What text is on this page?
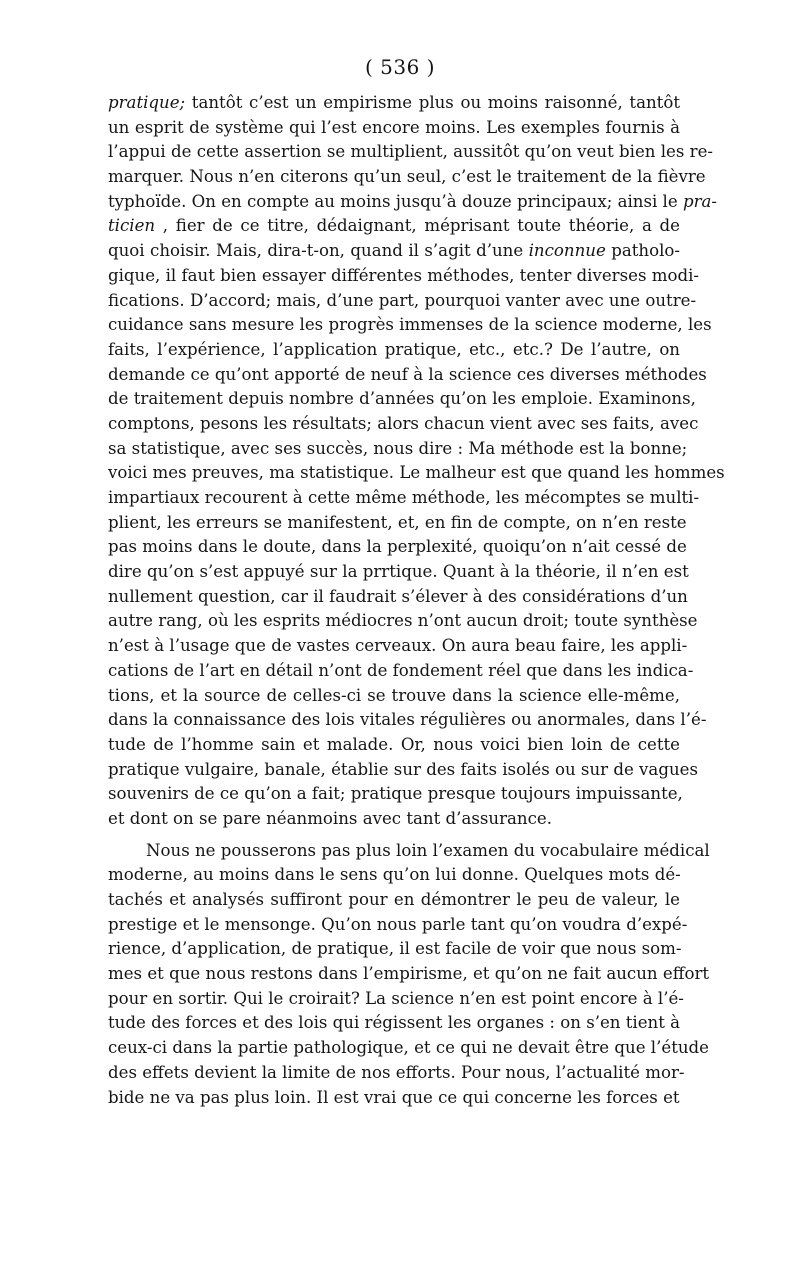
( 536 )
pratique; tantôt c’est un empirisme plus ou moins raisonné, tantôt
un esprit de système qui l’est encore moins. Les exemples fournis à
l’appui de cette assertion se multiplient, aussitôt qu’on veut bien les re-
marquer. Nous n’en citerons qu’un seul, c’est le traitement de la fièvre
typhoïde. On en compte au moins jusqu’à douze principaux; ainsi le pra-
ticien , fier de ce titre, dédaignant, méprisant toute théorie, a de
quoi choisir. Mais, dira-t-on, quand il s’agit d’une inconnue patholo-
gique, il faut bien essayer différentes méthodes, tenter diverses modi-
fications. D’accord; mais, d’une part, pourquoi vanter avec une outre-
cuidance sans mesure les progrès immenses de la science moderne, les
faits, l’expérience, l’application pratique, etc., etc.? De l’autre, on
demande ce qu’ont apporté de neuf à la science ces diverses méthodes
de traitement depuis nombre d’années qu’on les emploie. Examinons,
comptons, pesons les résultats; alors chacun vient avec ses faits, avec
sa statistique, avec ses succès, nous dire : Ma méthode est la bonne;
voici mes preuves, ma statistique. Le malheur est que quand les hommes
impartiaux recourent à cette même méthode, les mécomptes se multi-
plient, les erreurs se manifestent, et, en fin de compte, on n’en reste
pas moins dans le doute, dans la perplexité, quoiqu’on n’ait cessé de
dire qu’on s’est appuyé sur la prrtique. Quant à la théorie, il n’en est
nullement question, car il faudrait s’élever à des considérations d’un
autre rang, où les esprits médiocres n’ont aucun droit; toute synthèse
n’est à l’usage que de vastes cerveaux. On aura beau faire, les appli-
cations de l’art en détail n’ont de fondement réel que dans les indica-
tions, et la source de celles-ci se trouve dans la science elle-même,
dans la connaissance des lois vitales régulières ou anormales, dans l’é-
tude de l’homme sain et malade. Or, nous voici bien loin de cette
pratique vulgaire, banale, établie sur des faits isolés ou sur de vagues
souvenirs de ce qu’on a fait; pratique presque toujours impuissante,
et dont on se pare néanmoins avec tant d’assurance.
Nous ne pousserons pas plus loin l’examen du vocabulaire médical
moderne, au moins dans le sens qu’on lui donne. Quelques mots dé-
tachés et analysés suffiront pour en démontrer le peu de valeur, le
prestige et le mensonge. Qu’on nous parle tant qu’on voudra d’expé-
rience, d’application, de pratique, il est facile de voir que nous som-
mes et que nous restons dans l’empirisme, et qu’on ne fait aucun effort
pour en sortir. Qui le croirait? La science n’en est point encore à l’é-
tude des forces et des lois qui régissent les organes : on s’en tient à
ceux-ci dans la partie pathologique, et ce qui ne devait être que l’étude
des effets devient la limite de nos efforts. Pour nous, l’actualité mor-
bide ne va pas plus loin. Il est vrai que ce qui concerne les forces et
